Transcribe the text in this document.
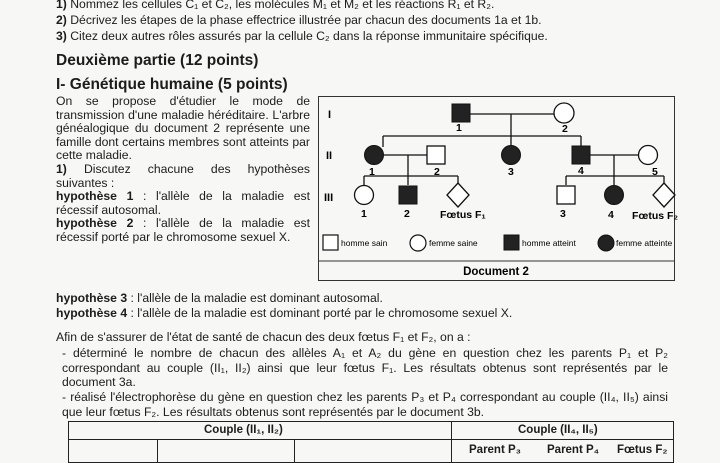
1) Nommez les cellules C₁ et C₂, les molécules M₁ et M₂ et les réactions R₁ et R₂.
2) Décrivez les étapes de la phase effectrice illustrée par chacun des documents 1a et 1b.
3) Citez deux autres rôles assurés par la cellule C₂ dans la réponse immunitaire spécifique.
Deuxième partie (12 points)
I- Génétique humaine (5 points)

On se propose d'étudier le mode de transmission d'une maladie héréditaire. L'arbre généalogique du document 2 représente une famille dont certains membres sont atteints par cette maladie.

1) Discutez chacune des hypothèses suivantes :

hypothèse 1 : l'allèle de la maladie est récessif autosomal.

hypothèse 2 : l'allèle de la maladie est récessif porté par le chromosome sexuel X.

I
II
III
1	2
1	2	3	4	5
1	2	Fœtus F₁	3	4 Fœtus F₂
homme sain	femme saine	homme atteint	femme atteinte
Document 2
hypothèse 3 : l'allèle de la maladie est dominant autosomal.
hypothèse 4 : l'allèle de la maladie est dominant porté par le chromosome sexuel X.
Afin de s'assurer de l'état de santé de chacun des deux fœtus F₁ et F₂, on a :
- déterminé le nombre de chacun des allèles A₁ et A₂ du gène en question chez les parents P₁ et P₂ correspondant au couple (II₁, II₂) ainsi que leur fœtus F₁. Les résultats obtenus sont représentés par le document 3a.
- réalisé l'électrophorèse du gène en question chez les parents P₃ et P₄ correspondant au couple (II₄, II₅) ainsi que leur fœtus F₂. Les résultats obtenus sont représentés par le document 3b.
Couple (II₁, II₂)	Couple (II₄, II₅)
Parent P₃ Parent P₄ Fœtus F₂
